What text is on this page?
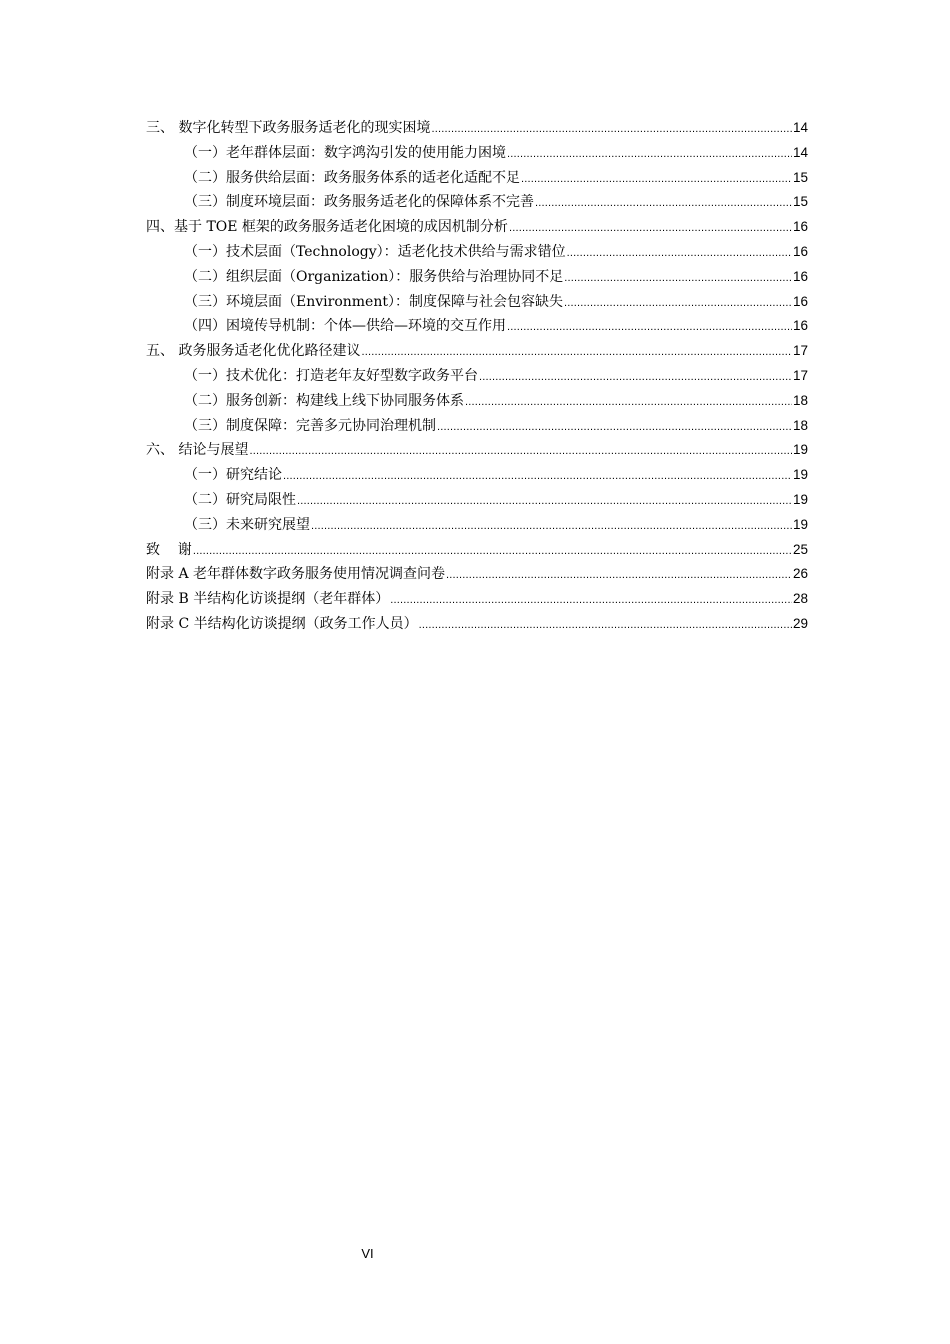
三、 数字化转型下政务服务适老化的现实困境 .....	14
（一）老年群体层面：数字鸿沟引发的使用能力困境 .....	14
（二）服务供给层面：政务服务体系的适老化适配不足 .....	15
（三）制度环境层面：政务服务适老化的保障体系不完善 .....	15
四、基于 TOE 框架的政务服务适老化困境的成因机制分析 .....	16
（一）技术层面（Technology）：适老化技术供给与需求错位 .....	16
（二）组织层面（Organization）：服务供给与治理协同不足 .....	16
（三）环境层面（Environment）：制度保障与社会包容缺失 .....	16
（四）困境传导机制：个体—供给—环境的交互作用 .....	16
五、 政务服务适老化优化路径建议 .....	17
（一）技术优化：打造老年友好型数字政务平台 .....	17
（二）服务创新：构建线上线下协同服务体系 .....	18
（三）制度保障：完善多元协同治理机制 .....	18
六、 结论与展望 .....	19
（一）研究结论 .....	19
（二）研究局限性 .....	19
（三）未来研究展望 .....	19
致    谢 .....	25
附录 A 老年群体数字政务服务使用情况调查问卷 .....	26
附录 B 半结构化访谈提纲（老年群体） .....	28
附录 C 半结构化访谈提纲（政务工作人员） .....	29
VI
